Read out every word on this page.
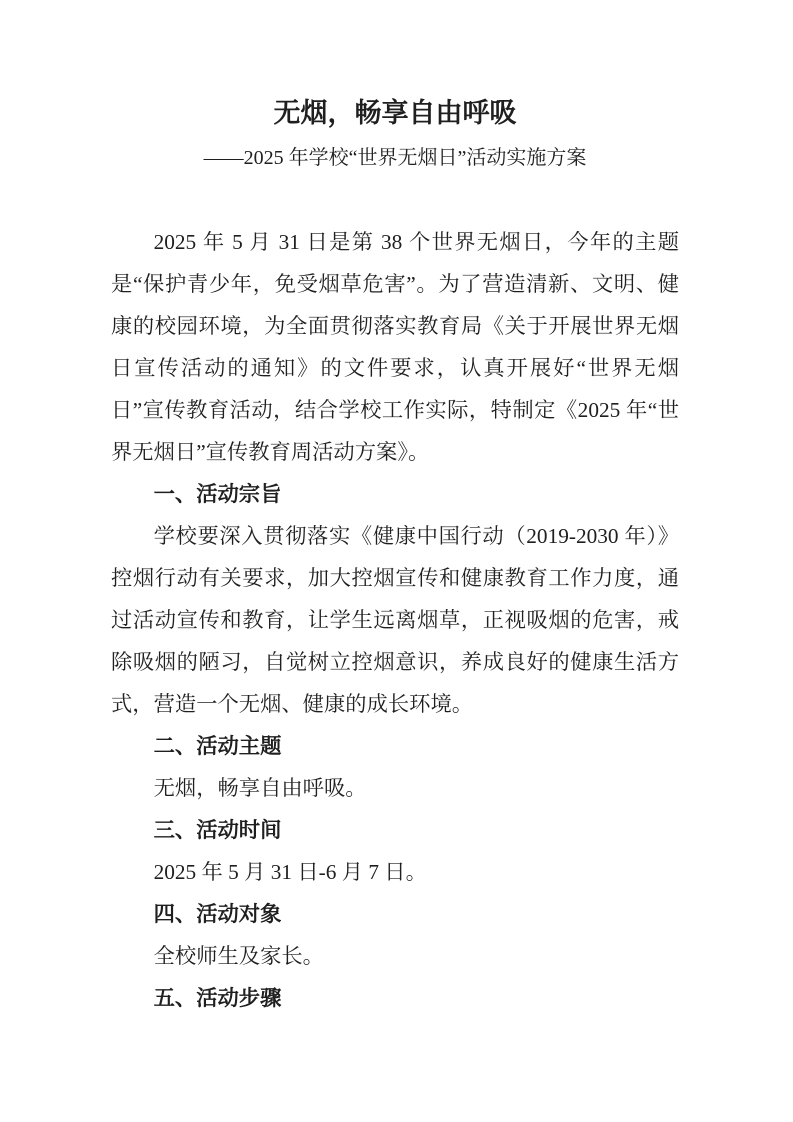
无烟，畅享自由呼吸
——2025 年学校“世界无烟日”活动实施方案

2025 年 5 月 31 日是第 38 个世界无烟日，今年的主题是“保护青少年，免受烟草危害”。为了营造清新、文明、健康的校园环境，为全面贯彻落实教育局《关于开展世界无烟日宣传活动的通知》的文件要求，认真开展好“世界无烟日”宣传教育活动，结合学校工作实际，特制定《2025 年“世界无烟日”宣传教育周活动方案》。

一、活动宗旨

学校要深入贯彻落实《健康中国行动（2019-2030 年）》控烟行动有关要求，加大控烟宣传和健康教育工作力度，通过活动宣传和教育，让学生远离烟草，正视吸烟的危害，戒除吸烟的陋习，自觉树立控烟意识，养成良好的健康生活方式，营造一个无烟、健康的成长环境。

二、活动主题

无烟，畅享自由呼吸。

三、活动时间

2025 年 5 月 31 日-6 月 7 日。

四、活动对象

全校师生及家长。

五、活动步骤
